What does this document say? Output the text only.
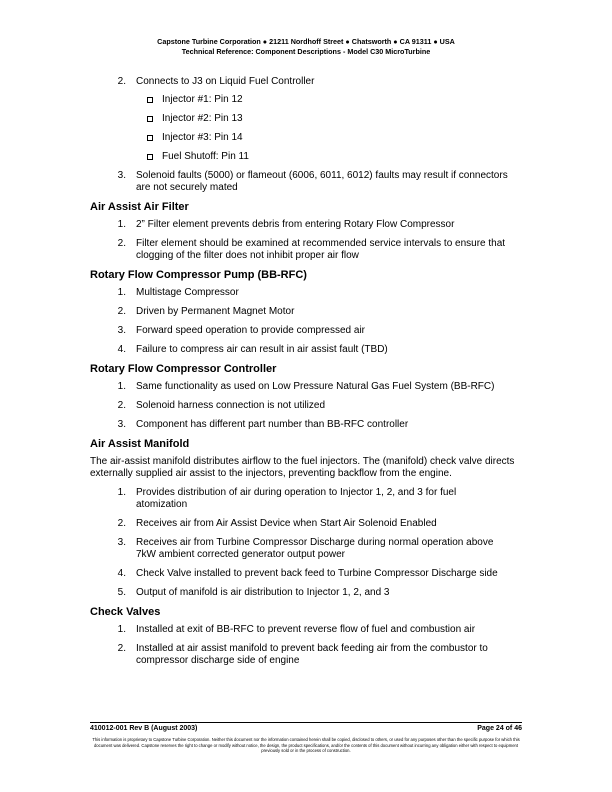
Capstone Turbine Corporation ● 21211 Nordhoff Street ● Chatsworth ● CA 91311 ● USA
Technical Reference: Component Descriptions - Model C30 MicroTurbine
2.	Connects to J3 on Liquid Fuel Controller
Injector #1: Pin 12
Injector #2: Pin 13
Injector #3: Pin 14
Fuel Shutoff: Pin 11
3.	Solenoid faults (5000) or flameout (6006, 6011, 6012) faults may result if connectors are not securely mated
Air Assist Air Filter
1.	2” Filter element prevents debris from entering Rotary Flow Compressor
2.	Filter element should be examined at recommended service intervals to ensure that clogging of the filter does not inhibit proper air flow
Rotary Flow Compressor Pump (BB-RFC)
1.	Multistage Compressor
2.	Driven by Permanent Magnet Motor
3.	Forward speed operation to provide compressed air
4.	Failure to compress air can result in air assist fault (TBD)
Rotary Flow Compressor Controller
1.	Same functionality as used on Low Pressure Natural Gas Fuel System (BB-RFC)
2.	Solenoid harness connection is not utilized
3.	Component has different part number than BB-RFC controller
Air Assist Manifold

The air-assist manifold distributes airflow to the fuel injectors. The (manifold) check valve directs externally supplied air assist to the injectors, preventing backflow from the engine.

1.	Provides distribution of air during operation to Injector 1, 2, and 3 for fuel atomization
2.	Receives air from Air Assist Device when Start Air Solenoid Enabled
3.	Receives air from Turbine Compressor Discharge during normal operation above 7kW ambient corrected generator output power
4.	Check Valve installed to prevent back feed to Turbine Compressor Discharge side
5.	Output of manifold is air distribution to Injector 1, 2, and 3
Check Valves
1.	Installed at exit of BB-RFC to prevent reverse flow of fuel and combustion air
2.	Installed at air assist manifold to prevent back feeding air from the combustor to compressor discharge side of engine
410012-001 Rev B (August 2003)	Page 24 of 46
This information is proprietary to Capstone Turbine Corporation. Neither this document nor the information contained herein shall be copied, disclosed to others, or used for any purposes other than the specific purpose for which this document was delivered. Capstone reserves the right to change or modify without notice, the design, the product specifications, and/or the contents of this document without incurring any obligation either with respect to equipment previously sold or in the process of construction.
